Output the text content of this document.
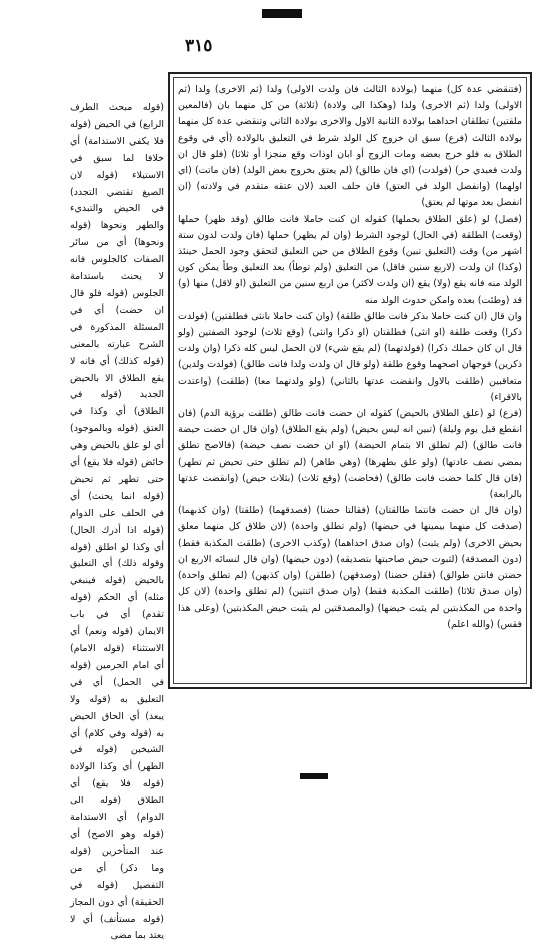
٣١٥

(فتنقضي عدة كل) منهما (بولادة الثالث فان ولدت الاولى) ولدا (ثم الاخرى) ولدا (ثم الاولى) ولدا (ثم الاخرى) ولدا (وهكذا الى ولادة) (ثلاثة) من كل منهما بان (فالمعين ملقتين) تطلقان احداهما بولادة الثانية الاول والاخرى بولادة الثاني وتنقضي عدة كل منهما بولادة الثالث (فرع) سبق ان خروج كل الولد شرط في التعليق بالولادة (أي في وقوع الطلاق به فلو خرج بعضه ومات الزوج أو ابان اوذات وقع منجزا أو ثلاثا) (فلو قال ان ولدت فعبدي حر) (فولدت) (اي فان طالق) (لم يعتق بخروج بعض الولد) (فان ماتت) (اي اولهما) (وانفصل الولد في العتق) فان حلف العبد (لان عتقه متقدم في ولادته) (ان انفصل بعد موتها لم يعتق)

(فصل) لو (علق الطلاق بحملها) كقوله ان كنت حاملا فانت طالق (وقد ظهر) حملها (وقعت) الطلقة (في الحال) لوجود الشرط (وان لم يظهر) حملها (فان ولدت لدون ستة اشهر من) وقت (التعليق تبين) وقوع الطلاق من حين التعليق لتحقق وجود الحمل حينئذ (وكذا) ان ولدت (لاربع سنين فاقل) من التعليق (ولم توطأ) بعد التعليق وطأ يمكن كون الولد منه فانه يقع (ولا) يقع (ان ولدت لاكثر) من اربع سنين من التعليق (او لاقل) منها (و) قد (وطئت) بعده وامكن حدوث الولد منه

وان قال (ان كنت حاملا بذكر فانت طالق طلقة) (وان كنت حاملا بانثى فطلقتين) (فولدت ذكرا) وقعت طلقة (او انثى) فطلقتان (او ذكرا وانثى) (وقع ثلاث) لوجود الصفتين (ولو قال ان كان حملك ذكرا) (فولدتهما) (لم يقع شيء) لان الحمل ليس كله ذكرا (وان ولدت ذكرين) فوجهان اصحهما وقوع طلقة (ولو قال ان ولدت ولدا فانت طالق) (فولدت ولدين) متعاقبين (طلقت بالاول وانقضت عدتها بالثاني) (ولو ولدتهما معا) (طلقت) (واعتدت بالاقراء)

(فرع) لو (علق الطلاق بالحيض) كقوله ان حضت فانت طالق (طلقت برؤية الدم) (فان انقطع قبل يوم وليلة) (تبين انه ليس بحيض) (ولم يقع الطلاق) (وان قال ان حضت حيضة فانت طالق) (لم تطلق الا بتمام الحيضة) (او ان حضت نصف حيضة) (فالاصح تطلق بمضي نصف عادتها) (ولو علق بطهرها) (وهي طاهر) (لم تطلق حتى تحيض ثم تطهر) (فان قال كلما حضت فانت طالق) (فحاضت) (وقع ثلاث) (بثلاث حيض) (وانقضت عدتها بالرابعة)

(وان قال ان حضت فانتما طالقتان) (فقالتا حضنا) (فصدقهما) (طلقتا) (وان كذبهما) (صدقت كل منهما بيمينها في حيضها) (ولم تطلق واحدة) (لان طلاق كل منهما معلق بحيض الاخرى) (ولم يثبت) (وان صدق احداهما) (وكذب الاخرى) (طلقت المكذبة فقط) (دون المصدقة) (لثبوت حيض صاحبتها بتصديقه) (دون حيضها) (وان قال لنسائه الاربع ان حضتن فانتن طوالق) (فقلن حضنا) (وصدقهن) (طلقن) (وان كذبهن) (لم تطلق واحدة) (وان صدق ثلاثا) (طلقت المكذبة فقط) (وان صدق اثنتين) (لم تطلق واحدة) (لان كل واحدة من المكذبتين لم يثبت حيضها) (والمصدقتين لم يثبت حيض المكذبتين) (وعلى هذا فقس) (والله اعلم)

(قوله مبحث الطرف الرابع) في الحيض (قوله فلا يكفي الاستدامة) أي خلافا لما سبق في الاستيلاء (قوله لان الصيغ تقتضي التجدد) في الحيض والتبديء والطهر ونحوها (قوله ونحوها) أي من سائر الصفات كالجلوس فانه لا يحنث باستدامة الجلوس (قوله فلو قال ان حضت) أي في المسئلة المذكورة في الشرح عبارته بالمعنى (قوله كذلك) أي فانه لا يقع الطلاق الا بالحيض الجديد (قوله في الطلاق) أي وكذا في العتق (قوله وبالموجود) أي لو علق بالحيض وهي حائض (قوله فلا يقع) أي حتى تطهر ثم تحيض (قوله انما يحنث) أي في الحلف على الدوام (قوله اذا أدرك الحال) أي وكذا لو اطلق (قوله وقوله ذلك) أي التعليق بالحيض (قوله فينبغي مثله) أي الحكم (قوله تقدم) أي في باب الايمان (قوله ونعم) أي الاستثناء (قوله الامام) أي امام الحرمين (قوله في الحمل) أي في التعليق به (قوله ولا يبعد) أي الحاق الحيض به (قوله وفي كلام) أي الشيخين (قوله في الطهر) أي وكذا الولادة (قوله فلا يقع) أي الطلاق (قوله الى الدوام) أي الاستدامة (قوله وهو الاصح) أي عند المتأخرين (قوله وما ذكر) أي من التفصيل (قوله في الحقيقة) أي دون المجاز (قوله مستأنف) أي لا يعتد بما مضى
